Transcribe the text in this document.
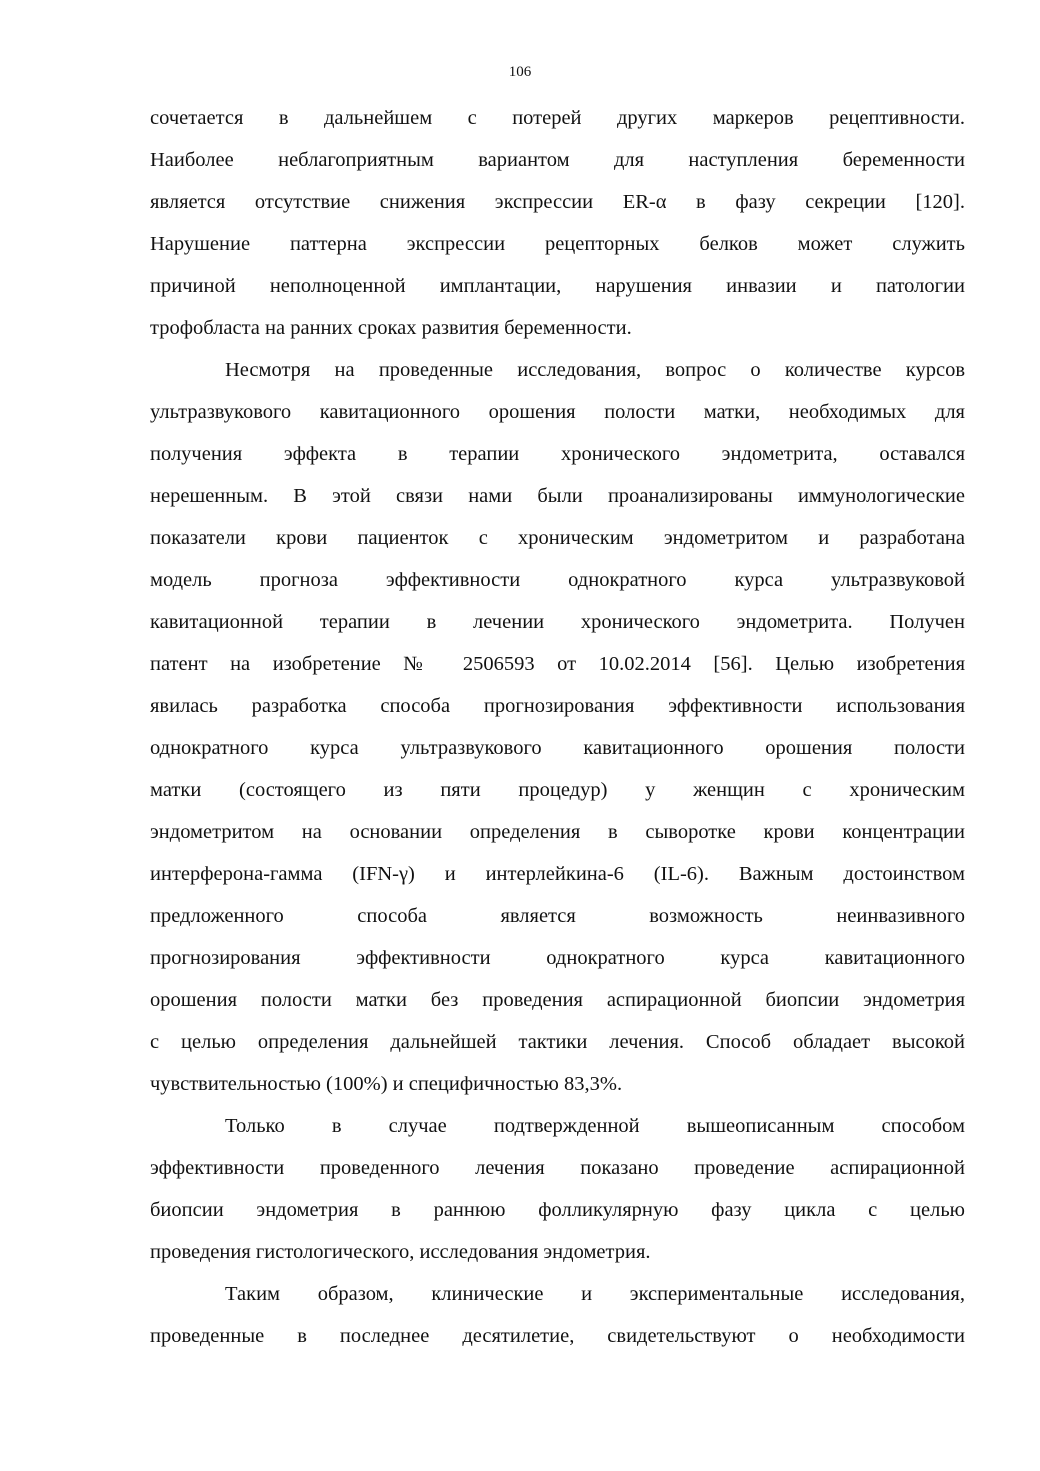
106
сочетается в дальнейшем с потерей других маркеров рецептивности.
Наиболее неблагоприятным вариантом для наступления беременности
является отсутствие снижения экспрессии ER-α в фазу секреции [120].
Нарушение паттерна экспрессии рецепторных белков может служить
причиной неполноценной имплантации, нарушения инвазии и патологии
трофобласта на ранних сроках развития беременности.
Несмотря на проведенные исследования, вопрос о количестве курсов
ультразвукового кавитационного орошения полости матки, необходимых для
получения эффекта в терапии хронического эндометрита, оставался
нерешенным. В этой связи нами были проанализированы иммунологические
показатели крови пациенток с хроническим эндометритом и разработана
модель прогноза эффективности однократного курса ультразвуковой
кавитационной терапии в лечении хронического эндометрита. Получен
патент на изобретение № 2506593 от 10.02.2014 [56]. Целью изобретения
явилась разработка способа прогнозирования эффективности использования
однократного курса ультразвукового кавитационного орошения полости
матки (состоящего из пяти процедур) у женщин с хроническим
эндометритом на основании определения в сыворотке крови концентрации
интерферона-гамма (IFN-γ) и интерлейкина-6 (IL-6). Важным достоинством
предложенного способа является возможность неинвазивного
прогнозирования эффективности однократного курса кавитационного
орошения полости матки без проведения аспирационной биопсии эндометрия
с целью определения дальнейшей тактики лечения. Способ обладает высокой
чувствительностью (100%) и специфичностью 83,3%.
Только в случае подтвержденной вышеописанным способом
эффективности проведенного лечения показано проведение аспирационной
биопсии эндометрия в раннюю фолликулярную фазу цикла с целью
проведения гистологического, исследования эндометрия.
Таким образом, клинические и экспериментальные исследования,
проведенные в последнее десятилетие, свидетельствуют о необходимости
